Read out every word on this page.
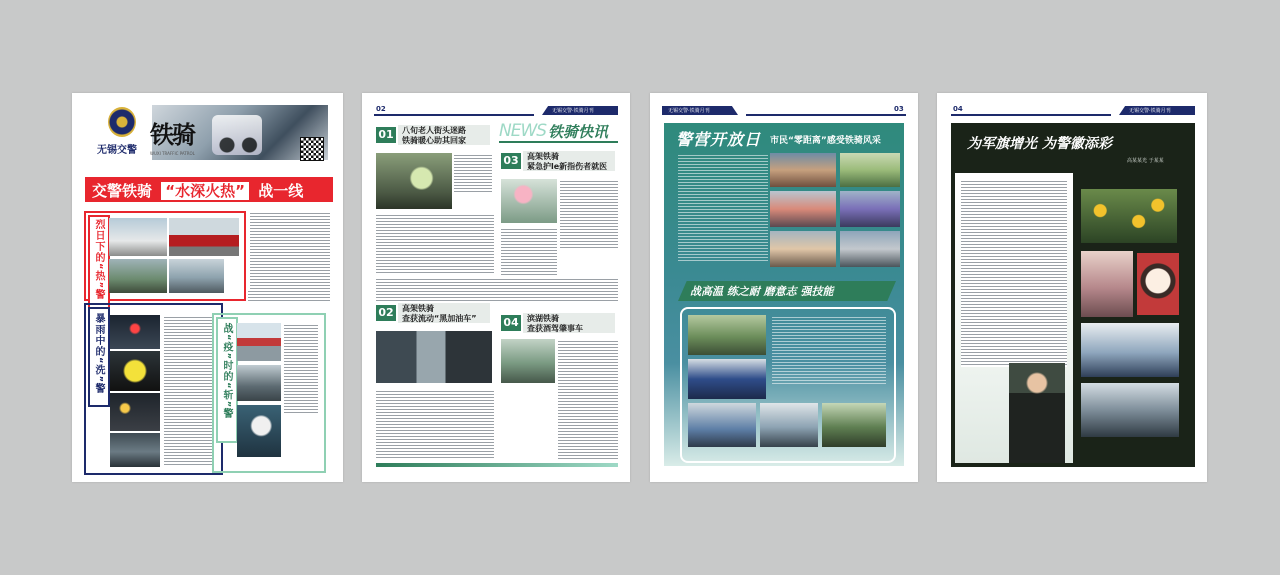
无锡交警
铁骑
WUXI TRAFFIC PATROL
交警铁骑 “水深火热” 战一线
烈日下的“热”警
暴雨中的“洗”警	战“疫”时的“斩”警
02	无锡交警·铁骑月刊
01 八旬老人街头迷路
铁骑暖心助其回家 NEWS 铁骑快讯
03 高架铁骑
紧急护le新指伤者就医
02 高架铁骑
查获流动“黑加油车” 04 滨湖铁骑
查获酒驾肇事车
无锡交警·铁骑月刊	03
警营开放日 市民“零距离”感受铁骑风采
战高温 练之耐 磨意志 强技能
04	无锡交警·铁骑月刊
为军旗增光 为警徽添彩
高某某光 于某某
